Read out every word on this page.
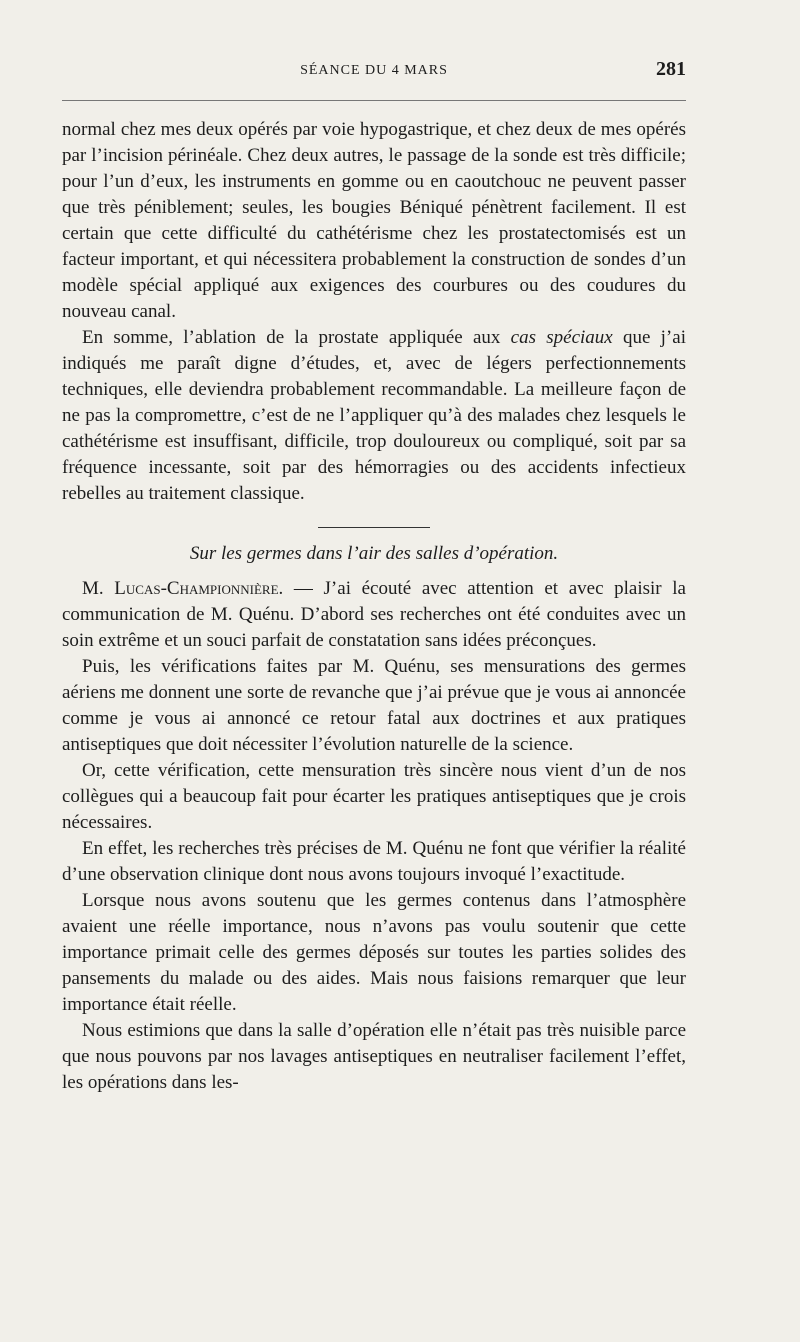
SÉANCE DU 4 MARS	281

normal chez mes deux opérés par voie hypogastrique, et chez deux de mes opérés par l’incision périnéale. Chez deux autres, le passage de la sonde est très difficile; pour l’un d’eux, les instruments en gomme ou en caoutchouc ne peuvent passer que très péniblement; seules, les bougies Béniqué pénètrent facilement. Il est certain que cette difficulté du cathétérisme chez les prostatectomisés est un facteur important, et qui nécessitera probablement la construction de sondes d’un modèle spécial appliqué aux exigences des courbures ou des coudures du nouveau canal.

En somme, l’ablation de la prostate appliquée aux cas spéciaux que j’ai indiqués me paraît digne d’études, et, avec de légers perfectionnements techniques, elle deviendra probablement recommandable. La meilleure façon de ne pas la compromettre, c’est de ne l’appliquer qu’à des malades chez lesquels le cathétérisme est insuffisant, difficile, trop douloureux ou compliqué, soit par sa fréquence incessante, soit par des hémorragies ou des accidents infectieux rebelles au traitement classique.

Sur les germes dans l’air des salles d’opération.

M. Lucas-Championnière. — J’ai écouté avec attention et avec plaisir la communication de M. Quénu. D’abord ses recherches ont été conduites avec un soin extrême et un souci parfait de constatation sans idées préconçues.

Puis, les vérifications faites par M. Quénu, ses mensurations des germes aériens me donnent une sorte de revanche que j’ai prévue que je vous ai annoncée comme je vous ai annoncé ce retour fatal aux doctrines et aux pratiques antiseptiques que doit nécessiter l’évolution naturelle de la science.

Or, cette vérification, cette mensuration très sincère nous vient d’un de nos collègues qui a beaucoup fait pour écarter les pratiques antiseptiques que je crois nécessaires.

En effet, les recherches très précises de M. Quénu ne font que vérifier la réalité d’une observation clinique dont nous avons toujours invoqué l’exactitude.

Lorsque nous avons soutenu que les germes contenus dans l’atmosphère avaient une réelle importance, nous n’avons pas voulu soutenir que cette importance primait celle des germes déposés sur toutes les parties solides des pansements du malade ou des aides. Mais nous faisions remarquer que leur importance était réelle.

Nous estimions que dans la salle d’opération elle n’était pas très nuisible parce que nous pouvons par nos lavages antiseptiques en neutraliser facilement l’effet, les opérations dans les-
